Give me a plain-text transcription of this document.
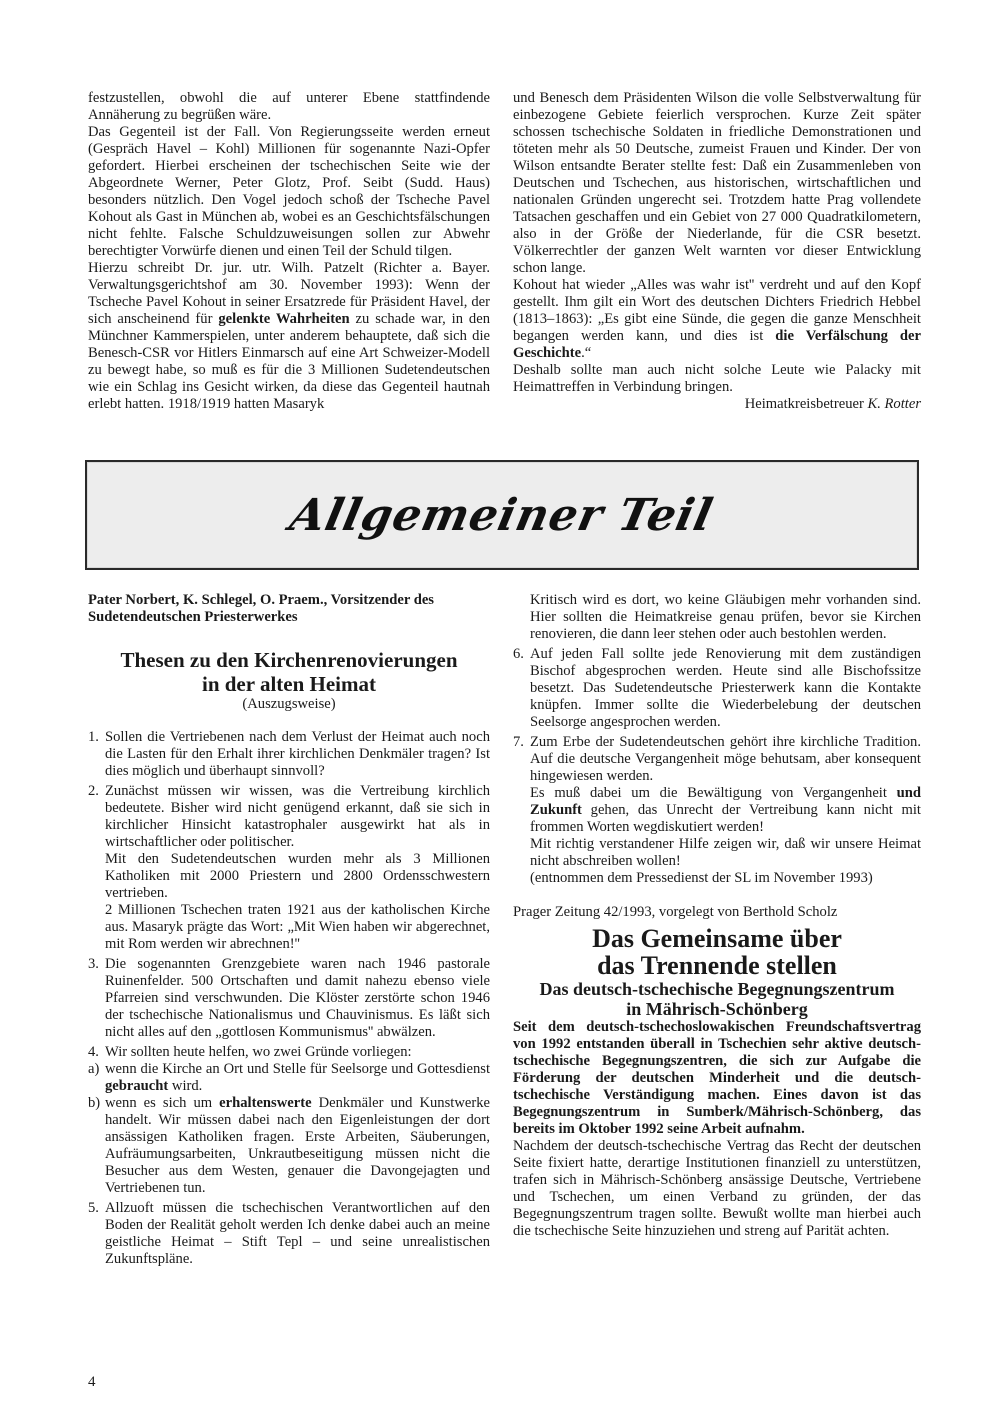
festzustellen, obwohl die auf unterer Ebene stattfindende Annäherung zu begrüßen wäre.

Das Gegenteil ist der Fall. Von Regierungsseite werden erneut (Gespräch Havel – Kohl) Millionen für sogenannte Nazi-Opfer gefordert. Hierbei erscheinen der tschechischen Seite wie der Abgeordnete Werner, Peter Glotz, Prof. Seibt (Sudd. Haus) besonders nützlich. Den Vogel jedoch schoß der Tscheche Pavel Kohout als Gast in München ab, wobei es an Geschichtsfälschungen nicht fehlte. Falsche Schuldzuweisungen sollen zur Abwehr berechtigter Vorwürfe dienen und einen Teil der Schuld tilgen.

Hierzu schreibt Dr. jur. utr. Wilh. Patzelt (Richter a. Bayer. Verwaltungsgerichtshof am 30. November 1993): Wenn der Tscheche Pavel Kohout in seiner Ersatzrede für Präsident Havel, der sich anscheinend für gelenkte Wahrheiten zu schade war, in den Münchner Kammerspielen, unter anderem behauptete, daß sich die Benesch-CSR vor Hitlers Einmarsch auf eine Art Schweizer-Modell zu bewegt habe, so muß es für die 3 Millionen Sudetendeutschen wie ein Schlag ins Gesicht wirken, da diese das Gegenteil hautnah erlebt hatten. 1918/1919 hatten Masaryk

und Benesch dem Präsidenten Wilson die volle Selbstverwaltung für einbezogene Gebiete feierlich versprochen. Kurze Zeit später schossen tschechische Soldaten in friedliche Demonstrationen und töteten mehr als 50 Deutsche, zumeist Frauen und Kinder. Der von Wilson entsandte Berater stellte fest: Daß ein Zusammenleben von Deutschen und Tschechen, aus historischen, wirtschaftlichen und nationalen Gründen ungerecht sei. Trotzdem hatte Prag vollendete Tatsachen geschaffen und ein Gebiet von 27 000 Quadratkilometern, also in der Größe der Niederlande, für die CSR besetzt. Völkerrechtler der ganzen Welt warnten vor dieser Entwicklung schon lange.

Kohout hat wieder „Alles was wahr ist'' verdreht und auf den Kopf gestellt. Ihm gilt ein Wort des deutschen Dichters Friedrich Hebbel (1813–1863): „Es gibt eine Sünde, die gegen die ganze Menschheit begangen werden kann, und dies ist die Verfälschung der Geschichte.“

Deshalb sollte man auch nicht solche Leute wie Palacky mit Heimattreffen in Verbindung bringen.

Heimatkreisbetreuer K. Rotter

Allgemeiner Teil

Pater Norbert, K. Schlegel, O. Praem., Vorsitzender des Sudetendeutschen Priesterwerkes

Thesen zu den Kirchenrenovierungen
in der alten Heimat

(Auszugsweise)

1. Sollen die Vertriebenen nach dem Verlust der Heimat auch noch die Lasten für den Erhalt ihrer kirchlichen Denkmäler tragen? Ist dies möglich und überhaupt sinnvoll?
2. Zunächst müssen wir wissen, was die Vertreibung kirchlich bedeutete. Bisher wird nicht genügend erkannt, daß sie sich in kirchlicher Hinsicht katastrophaler ausgewirkt hat als in wirtschaftlicher oder politischer.
Mit den Sudetendeutschen wurden mehr als 3 Millionen Katholiken mit 2000 Priestern und 2800 Ordensschwestern vertrieben.
2 Millionen Tschechen traten 1921 aus der katholischen Kirche aus. Masaryk prägte das Wort: „Mit Wien haben wir abgerechnet, mit Rom werden wir abrechnen!''
3. Die sogenannten Grenzgebiete waren nach 1946 pastorale Ruinenfelder. 500 Ortschaften und damit nahezu ebenso viele Pfarreien sind verschwunden. Die Klöster zerstörte schon 1946 der tschechische Nationalismus und Chauvinismus. Es läßt sich nicht alles auf den „gottlosen Kommunismus'' abwälzen.
4. Wir sollten heute helfen, wo zwei Gründe vorliegen:
a) wenn die Kirche an Ort und Stelle für Seelsorge und Gottesdienst gebraucht wird.
b) wenn es sich um erhaltenswerte Denkmäler und Kunstwerke handelt. Wir müssen dabei nach den Eigenleistungen der dort ansässigen Katholiken fragen. Erste Arbeiten, Säuberungen, Aufräumungsarbeiten, Unkrautbeseitigung müssen nicht die Besucher aus dem Westen, genauer die Davongejagten und Vertriebenen tun.
5. Allzuoft müssen die tschechischen Verantwortlichen auf den Boden der Realität geholt werden Ich denke dabei auch an meine geistliche Heimat – Stift Tepl – und seine unrealistischen Zukunftspläne.

Kritisch wird es dort, wo keine Gläubigen mehr vorhanden sind. Hier sollten die Heimatkreise genau prüfen, bevor sie Kirchen renovieren, die dann leer stehen oder auch bestohlen werden.

6. Auf jeden Fall sollte jede Renovierung mit dem zuständigen Bischof abgesprochen werden. Heute sind alle Bischofssitze besetzt. Das Sudetendeutsche Priesterwerk kann die Kontakte knüpfen. Immer sollte die Wiederbelebung der deutschen Seelsorge angesprochen werden.
7. Zum Erbe der Sudetendeutschen gehört ihre kirchliche Tradition. Auf die deutsche Vergangenheit möge behutsam, aber konsequent hingewiesen werden.
Es muß dabei um die Bewältigung von Vergangenheit und Zukunft gehen, das Unrecht der Vertreibung kann nicht mit frommen Worten wegdiskutiert werden!
Mit richtig verstandener Hilfe zeigen wir, daß wir unsere Heimat nicht abschreiben wollen!
(entnommen dem Pressedienst der SL im November 1993)

Prager Zeitung 42/1993, vorgelegt von Berthold Scholz

Das Gemeinsame über
das Trennende stellen

Das deutsch-tschechische Begegnungszentrum
in Mährisch-Schönberg

Seit dem deutsch-tschechoslowakischen Freundschaftsvertrag von 1992 entstanden überall in Tschechien sehr aktive deutsch-tschechische Begegnungszentren, die sich zur Aufgabe die Förderung der deutschen Minderheit und die deutsch-tschechische Verständigung machen. Eines davon ist das Begegnungszentrum in Sumberk/Mährisch-Schönberg, das bereits im Oktober 1992 seine Arbeit aufnahm.

Nachdem der deutsch-tschechische Vertrag das Recht der deutschen Seite fixiert hatte, derartige Institutionen finanziell zu unterstützen, trafen sich in Mährisch-Schönberg ansässige Deutsche, Vertriebene und Tschechen, um einen Verband zu gründen, der das Begegnungszentrum tragen sollte. Bewußt wollte man hierbei auch die tschechische Seite hinzuziehen und streng auf Parität achten.

4
